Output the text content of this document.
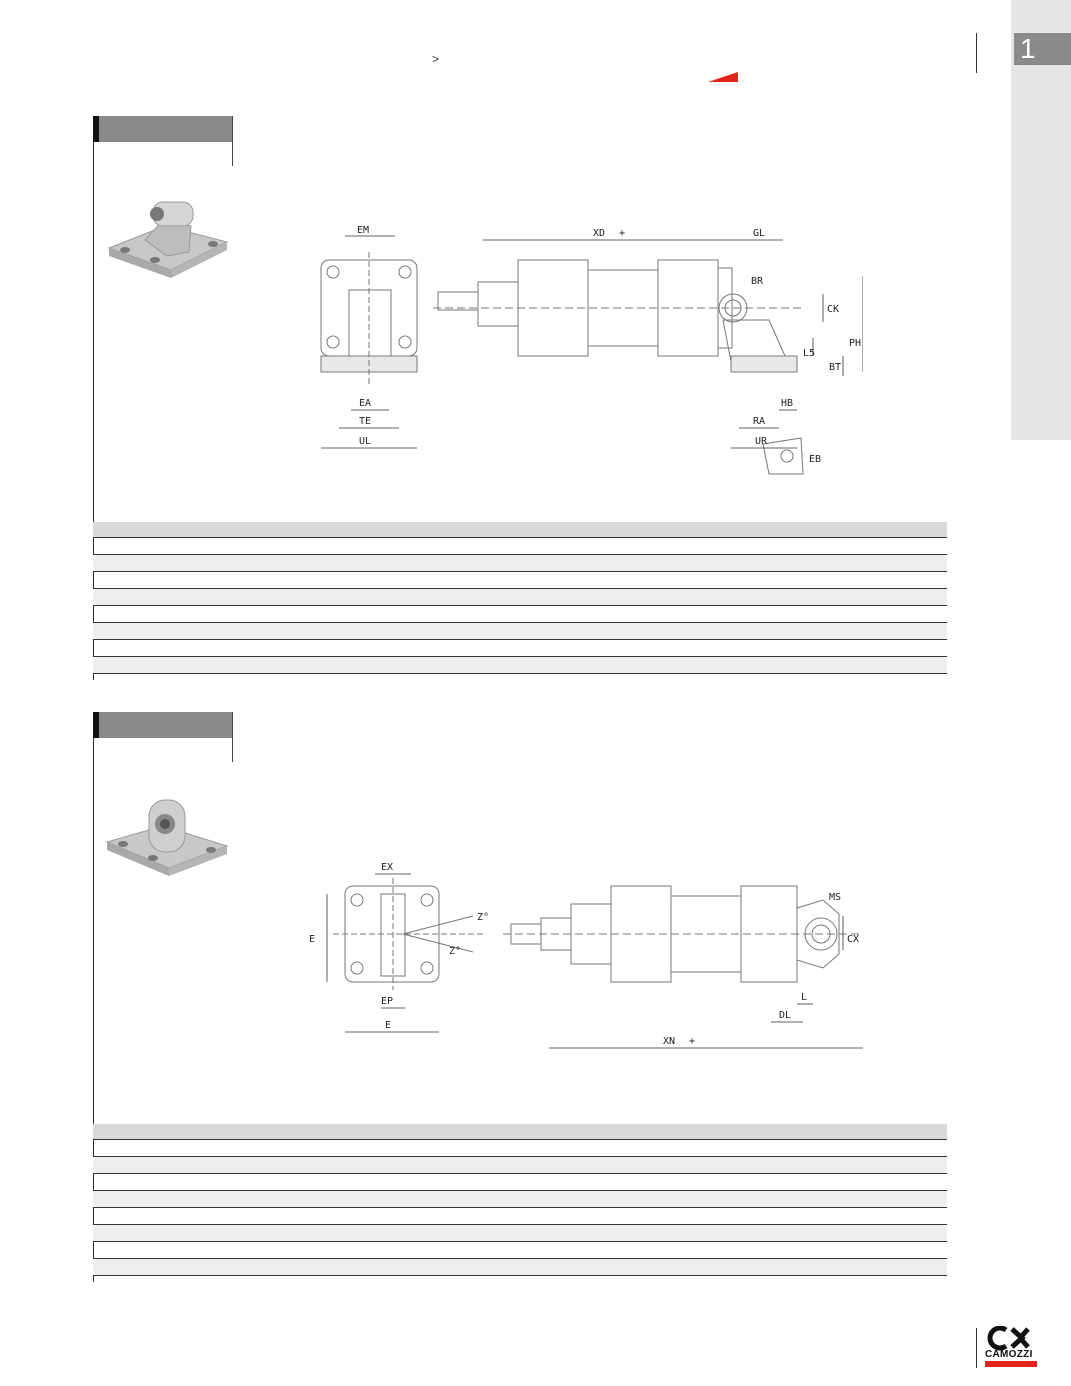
1
>
EM	XD +	GL
BR
CK
L5
BT
PH
EA
TE
UL
HB
RA
UR
EB
EX
E
Z°
Z°
EP
E
MS
CX
L
DL
XN +
CAMOZZI
